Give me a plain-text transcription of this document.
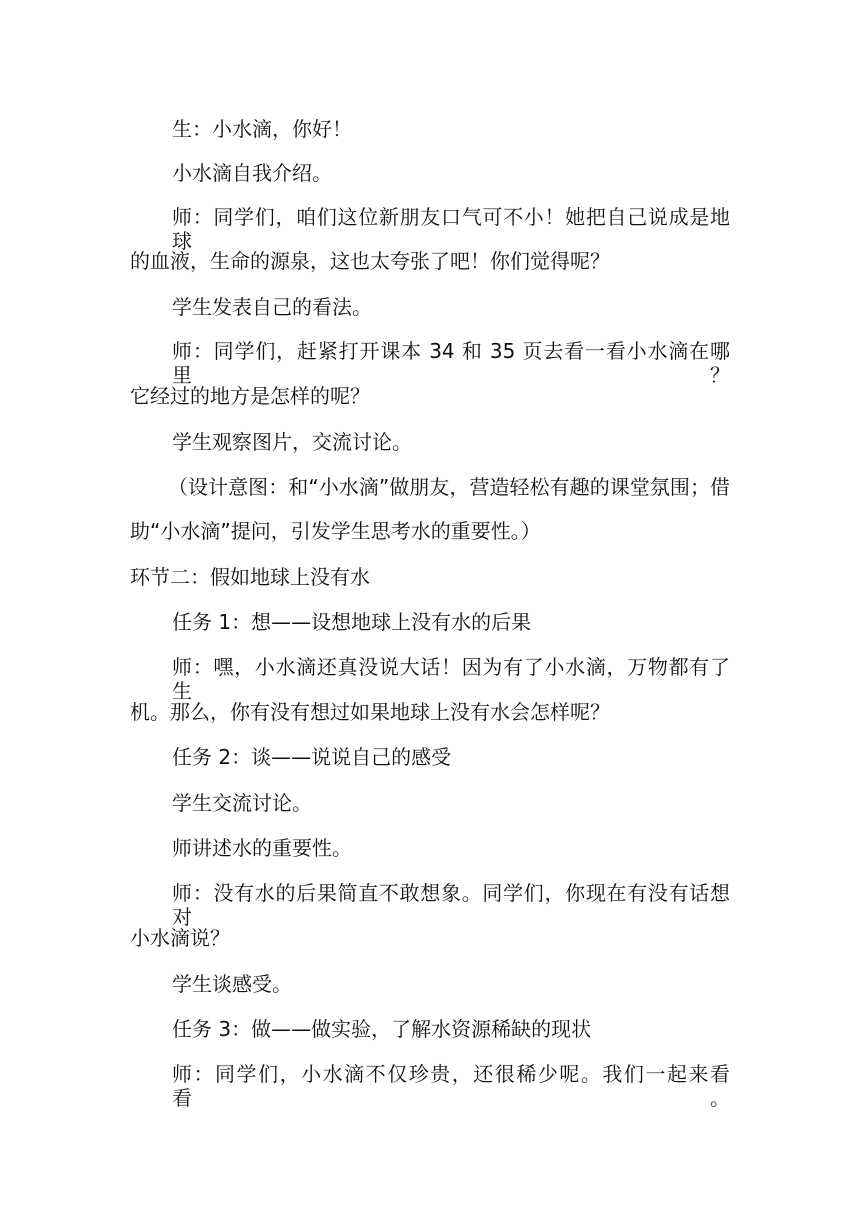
生：小水滴，你好！
小水滴自我介绍。
师：同学们，咱们这位新朋友口气可不小！她把自己说成是地球
的血液，生命的源泉，这也太夸张了吧！你们觉得呢？
学生发表自己的看法。
师：同学们，赶紧打开课本 34 和 35 页去看一看小水滴在哪里？
它经过的地方是怎样的呢？
学生观察图片，交流讨论。
（设计意图：和“小水滴”做朋友，营造轻松有趣的课堂氛围；借
助“小水滴”提问，引发学生思考水的重要性。）
环节二：假如地球上没有水
任务 1：想——设想地球上没有水的后果
师：嘿，小水滴还真没说大话！因为有了小水滴，万物都有了生
机。那么，你有没有想过如果地球上没有水会怎样呢？
任务 2：谈——说说自己的感受
学生交流讨论。
师讲述水的重要性。
师：没有水的后果简直不敢想象。同学们，你现在有没有话想对
小水滴说？
学生谈感受。
任务 3：做——做实验，了解水资源稀缺的现状
师：同学们，小水滴不仅珍贵，还很稀少呢。我们一起来看看。
